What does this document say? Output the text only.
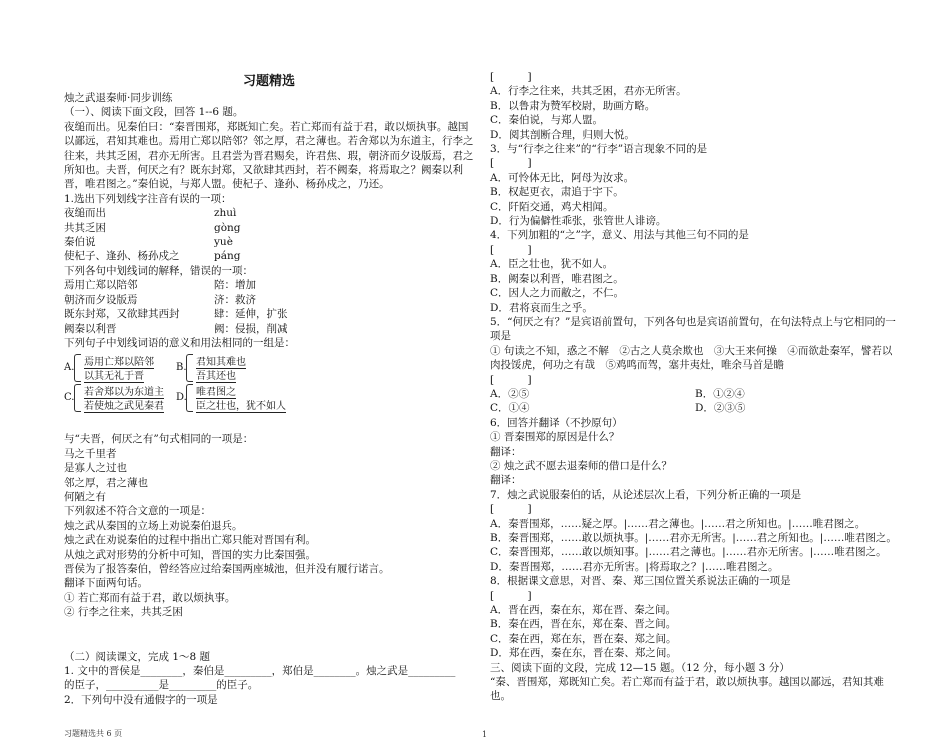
习题精选

烛之武退秦师·同步训练

（一）、阅读下面文段，回答 1--6 题。

夜缒而出。见秦伯曰：“秦晋围郑，郑既知亡矣。若亡郑而有益于君，敢以烦执事。越国以鄙远，君知其难也。焉用亡郑以陪邻？邻之厚，君之薄也。若舍郑以为东道主，行李之往来，共其乏困，君亦无所害。且君尝为晋君赐矣，许君焦、瑕，朝济而夕设版焉，君之所知也。夫晋，何厌之有？既东封郑，又欲肆其西封，若不阙秦，将焉取之？阙秦以利晋，唯君图之。”秦伯说，与郑人盟。使杞子、逢孙、杨孙戍之，乃还。

1.选出下列划线字注音有误的一项：

夜缒而出	zhuì
共其乏困	gòng
秦伯说	yuè
使杞子、逢孙、杨孙戍之	páng

下列各句中划线词的解释，错误的一项：

焉用亡郑以陪邻	陪：增加
朝济而夕设版焉	济：救济
既东封郑，又欲肆其西封	肆：延伸，扩张
阙秦以利晋	阙：侵损，削减

下列句子中划线词语的意义和用法相同的一组是：

A. 焉用亡郑以陪邻
以其无礼于晋
B. 君知其难也
吾其还也
C. 若舍郑以为东道主
若使烛之武见秦君
D. 唯君图之
臣之壮也，犹不如人

与“夫晋，何厌之有”句式相同的一项是：

马之千里者

是寡人之过也

邻之厚，君之薄也

何陋之有

下列叙述不符合文意的一项是：

烛之武从秦国的立场上劝说秦伯退兵。

烛之武在劝说秦伯的过程中指出亡郑只能对晋国有利。

从烛之武对形势的分析中可知，晋国的实力比秦国强。

晋侯为了报答秦伯，曾经答应过给秦国两座城池，但并没有履行诺言。

翻译下面两句话。

① 若亡郑而有益于君，敢以烦执事。

② 行李之往来，共其乏困

（二）阅读课文，完成 1～8 题

1. 文中的晋侯是________，秦伯是_________，郑伯是________。烛之武是_________

的臣子，__________是_________的臣子。

2．下列句中没有通假字的一项是

[          ]

A．行李之往来，共其乏困，君亦无所害。

B．以鲁肃为赞军校尉，助画方略。

C．秦伯说，与郑人盟。

D．阅其剖断合理，归则大悦。

3．与“行李之往来”的“行李”语言现象不同的是

[          ]

A．可怜体无比，阿母为汝求。

B．权起更衣，肃追于宇下。

C．阡陌交通，鸡犬相闻。

D．行为偏僻性乖张，张管世人诽谤。

4．下列加粗的“之”字，意义、用法与其他三句不同的是

[          ]

A．臣之壮也，犹不如人。

B．阙秦以利晋，唯君图之。

C．因人之力而敝之，不仁。

D．君将哀而生之乎。

5．“何厌之有？”是宾语前置句，下列各句也是宾语前置句，在句法特点上与它相同的一项是

① 句读之不知，惑之不解　②古之人莫余欺也　③大王来何操　④而欲赴秦军，譬若以肉投馁虎，何功之有哉　⑤鸡鸣而驾，塞井夷灶，唯余马首是瞻

[          ]

A．②⑤	B．①②④
C．①④	D．②③⑤

6．回答并翻译（不抄原句）

① 晋秦围郑的原因是什么？

翻译：

② 烛之武不愿去退秦师的借口是什么？

翻译：

7．烛之武说服秦伯的话，从论述层次上看，下列分析正确的一项是

[          ]

A．秦晋围郑，……疑之厚。|……君之薄也。|……君之所知也。|……唯君图之。

B．秦晋围郑，……敢以烦执事。|……君亦无所害。|……君之所知也。|……唯君图之。

C．秦晋围郑，……敢以烦知事。|……君之薄也。|……君亦无所害。|……唯君图之。

D．秦晋围郑，……君亦无所害。|将焉取之？|……唯君图之。

8．根据课文意思，对晋、秦、郑三国位置关系说法正确的一项是

[          ]

A．晋在西，秦在东，郑在晋、秦之间。

B．秦在西，晋在东，郑在秦、晋之间。

C．秦在西，郑在东，晋在秦、郑之间。

D．郑在西，秦在东，晋在秦、郑之间。

三、阅读下面的文段，完成 12—15 题。（12 分，每小题 3 分）

“秦、晋围郑，郑既知亡矣。若亡郑而有益于君，敢以烦执事。越国以鄙远，君知其难也。

习题精选共 6 页	1
